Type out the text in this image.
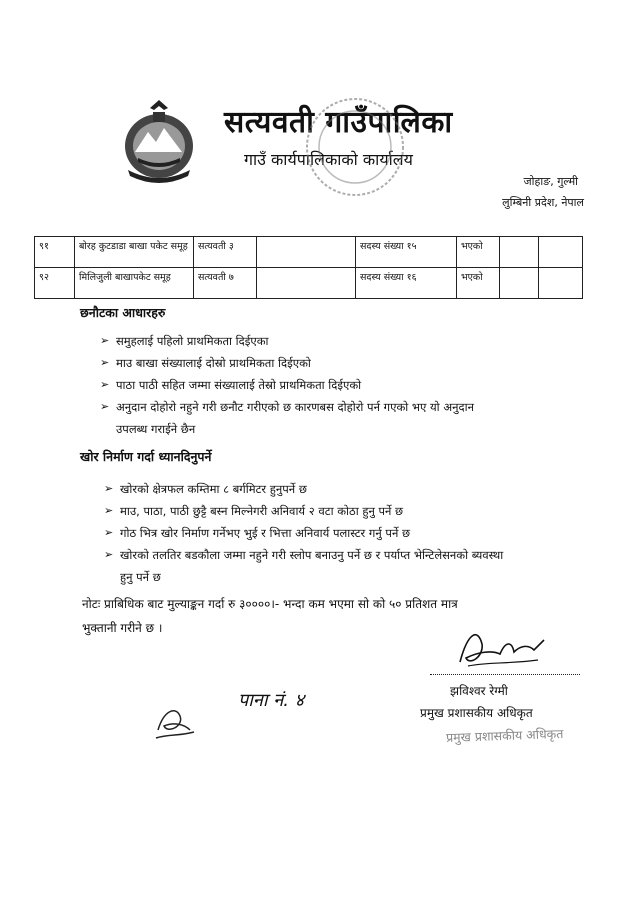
सत्यवती गाउँपालिका
गाउँ कार्यपालिकाको कार्यालय
जोहाङ, गुल्मी
लुम्बिनी प्रदेश, नेपाल
९१	बोरह कुटडाडा बाखा पकेट समूह	सत्यवती ३		सदस्य संख्या १५	भएको		
९२	मिलिजुली बाखापकेट समूह	सत्यवती ७		सदस्य संख्या १६	भएको		
छनौटका आधारहरु

➢ समुहलाई पहिलो प्राथमिकता दिईएका

➢ माउ बाखा संख्यालाई दोस्रो प्राथमिकता दिईएको

➢ पाठा पाठी सहित जम्मा संख्यालाई तेस्रो प्राथमिकता दिईएको

➢ अनुदान दोहोरो नहुने गरी छनौट गरीएको छ कारणबस दोहोरो पर्न गएको भए यो अनुदान
उपलब्ध गराईने छैन

खोर निर्माण गर्दा ध्यानदिनुपर्ने

➢ खोरको क्षेत्रफल कम्तिमा ८ बर्गमिटर हुनुपर्ने छ

➢ माउ, पाठा, पाठी छुट्टै बस्न मिल्नेगरी अनिवार्य २ वटा कोठा हुनु पर्ने छ

➢ गोठ भित्र खोर निर्माण गर्नेभए भुई र भित्ता अनिवार्य पलास्टर गर्नु पर्ने छ

➢ खोरको तलतिर बडकौला जम्मा नहुने गरी स्लोप बनाउनु पर्ने छ र पर्याप्त भेन्टिलेसनको ब्यवस्था
हुनु पर्ने छ

नोटः प्राबिधिक बाट मुल्याङ्कन गर्दा रु ३००००।- भन्दा कम भएमा सो को ५० प्रतिशत मात्र
भुक्तानी गरीने छ ।
झविश्वर रेग्मी
प्रमुख प्रशासकीय अधिकृत
प्रमुख प्रशासकीय अधिकृत
पाना नं. ४
